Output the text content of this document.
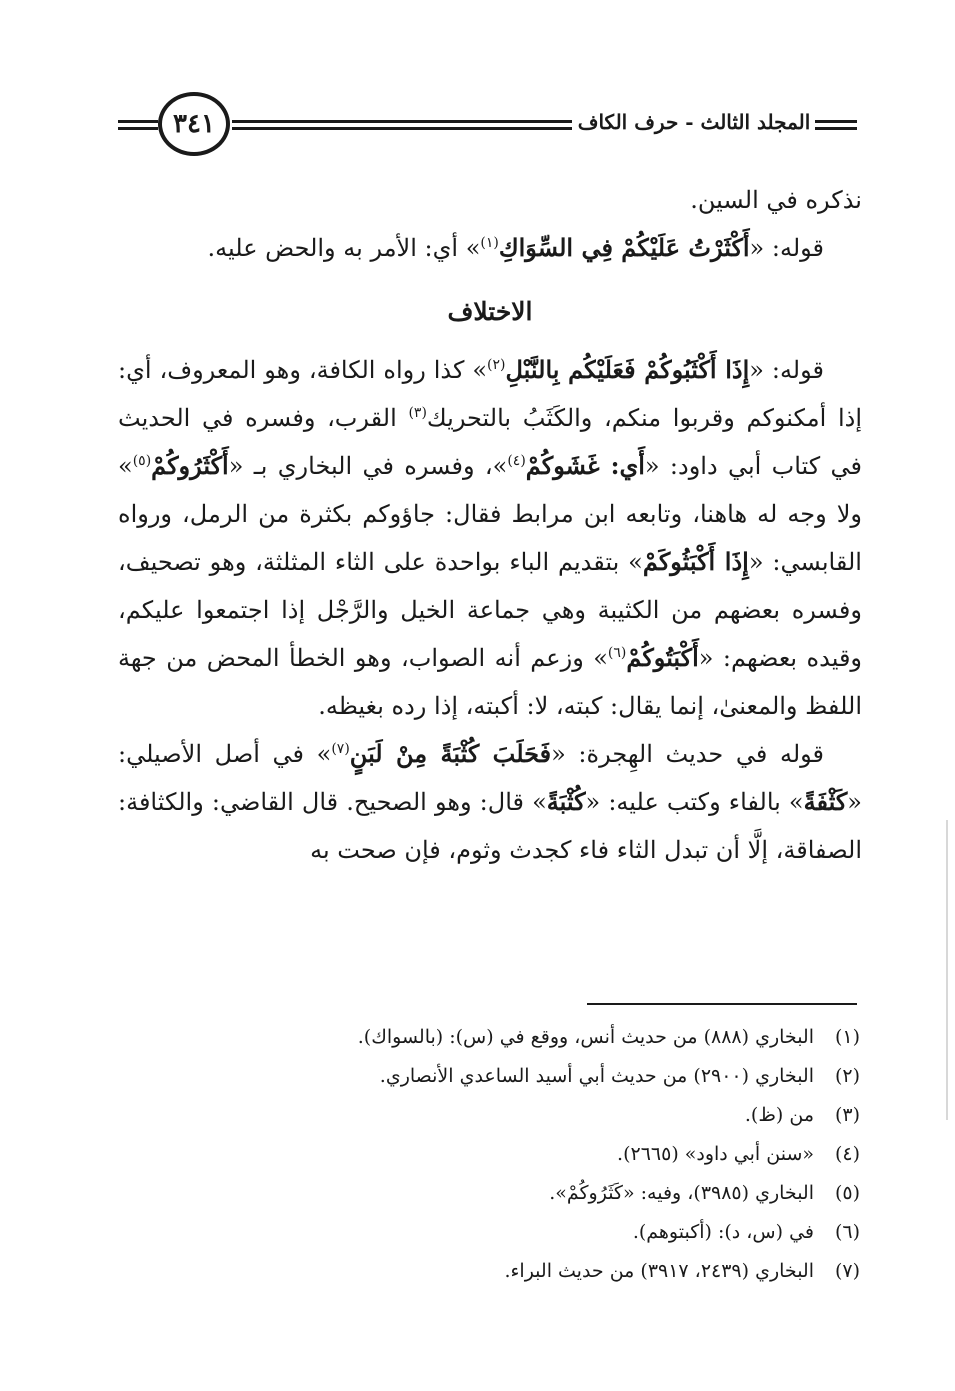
٣٤١	المجلد الثالث - حرف الكاف

نذكره في السين.

قوله: «أَكْثَرْتُ عَلَيْكُمْ فِي السِّوَاكِ$^{(١)}$» أي: الأمر به والحض عليه.

الاختلاف

قوله: «إِذَا أَكْثَبُوكُمْ فَعَلَيْكُم بِالنَّبْلِ$^{(٢)}$» كذا رواه الكافة، وهو المعروف، أي: إذا أمكنوكم وقربوا منكم، والكَثَبُ بالتحريك$^{(٣)}$ القرب، وفسره في الحديث في كتاب أبي داود: «أَي: غَشَوكُمْ$^{(٤)}$»، وفسره في البخاري بـ «أَكْثَرُوكُمْ$^{(٥)}$» ولا وجه له هاهنا، وتابعه ابن مرابط فقال: جاؤوكم بكثرة من الرمل، ورواه القابسي: «إِذَا أَكْبَثُوكَمْ» بتقديم الباء بواحدة على الثاء المثلثة، وهو تصحيف، وفسره بعضهم من الكثيبة وهي جماعة الخيل والرَّجْل إذا اجتمعوا عليكم، وقيده بعضهم: «أَكْبَتُوكُمْ$^{(٦)}$» وزعم أنه الصواب، وهو الخطأ المحض من جهة اللفظ والمعنىٰ، إنما يقال: كبته، لا: أكبته، إذا رده بغيظه.

قوله في حديث الهِجرة: «فَحَلَبَ كُثْبَةً مِنْ لَبَنٍ$^{(٧)}$» في أصل الأصيلي: «كَثْفَةً» بالفاء وكتب عليه: «كُثْبَةً» قال: وهو الصحيح. قال القاضي: والكثافة: الصفاقة، إلَّا أن تبدل الثاء فاء كجدث وثوم، فإن صحت به

(١)البخاري (٨٨٨) من حديث أنس، ووقع في (س): (بالسواك).
(٢)البخاري (٢٩٠٠) من حديث أبي أسيد الساعدي الأنصاري.
(٣)من (ظ).
(٤)«سنن أبي داود» (٢٦٦٥).
(٥)البخاري (٣٩٨٥)، وفيه: «كَثَرُوكُمْ».
(٦)في (س، د): (أكبتوهم).
(٧)البخاري (٢٤٣٩، ٣٩١٧) من حديث البراء.
